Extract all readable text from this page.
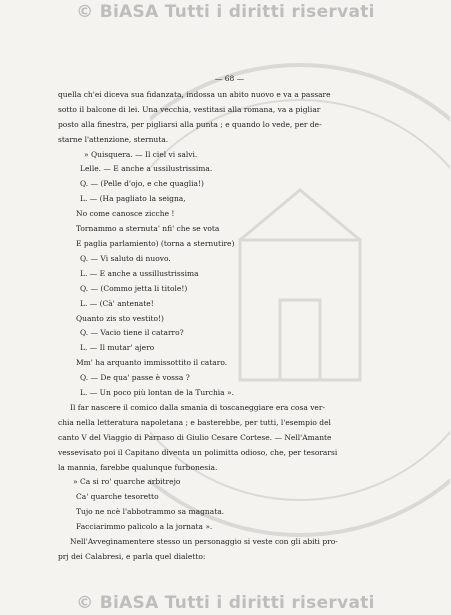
© BiASA Tutti i diritti riservati
— 68 —
quella ch'ei diceva sua fidanzata, indossa un abito nuovo e va a passare
sotto il balcone di lei. Una vecchia, vestitasi alla romana, va a pigliar
posto alla finestra, per pigliarsi alla punta ; e quando lo vede, per de-
starne l'attenzione, sternuta.
» Quisquera. — Il ciel vi salvi.
Lelle. — E anche a ussilustrissima.
Q. — (Pelle d'ojo, e che quaglia!)
L. — (Ha pagliato la seigna,
No come canosce zicche !
Tornammo a sternuta' nfi' che se vota
E paglia parlamiento) (torna a sternutire)
Q. — Vi saluto di nuovo.
L. — E anche a ussillustrissima
Q. — (Commo jetta li titole!)
L. — (Cà' antenate!
Quanto zis sto vestito!)
Q. — Vacio tiene il catarro?
L. — Il mutar' ajero
Mm' ha arquanto immissottito il cataro.
Q. — De qua' passe è vossa ?
L. — Un poco più lontan de la Turchia ».
Il far nascere il comico dalla smania di toscaneggiare era cosa ver-
chia nella letteratura napoletana ; e basterebbe, per tutti, l'esempio del
canto V del Viaggio di Parnaso di Giulio Cesare Cortese. — Nell'Amante
vessevisato poi il Capitano diventa un polimitta odioso, che, per tesorarsi
la mannia, farebbe qualunque furbonesia.
» Ca si ro' quarche arbitrejo
Ca' quarche tesoretto
Tujo ne ncè l'abbotrammo sa magnata.
Facciarimmo palicolo a la jornata ».
Nell'Avveginamentere stesso un personaggio si veste con gli abiti pro-
prj dei Calabresi, e parla quel dialetto:
© BiASA Tutti i diritti riservati
